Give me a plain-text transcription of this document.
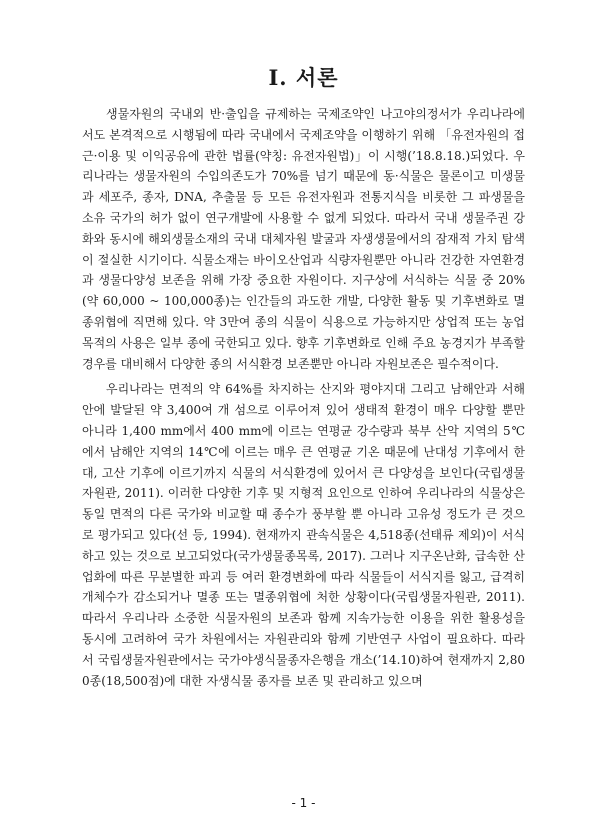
I. 서론

생물자원의 국내외 반·출입을 규제하는 국제조약인 나고야의정서가 우리나라에서도 본격적으로 시행됨에 따라 국내에서 국제조약을 이행하기 위해 「유전자원의 접근·이용 및 이익공유에 관한 법률(약칭: 유전자원법)」이 시행(’18.8.18.)되었다. 우리나라는 생물자원의 수입의존도가 70%를 넘기 때문에 동·식물은 물론이고 미생물과 세포주, 종자, DNA, 추출물 등 모든 유전자원과 전통지식을 비롯한 그 파생물을 소유 국가의 허가 없이 연구개발에 사용할 수 없게 되었다. 따라서 국내 생물주권 강화와 동시에 해외생물소재의 국내 대체자원 발굴과 자생생물에서의 잠재적 가치 탐색이 절실한 시기이다. 식물소재는 바이오산업과 식량자원뿐만 아니라 건강한 자연환경과 생물다양성 보존을 위해 가장 중요한 자원이다. 지구상에 서식하는 식물 중 20%(약 60,000 ~ 100,000종)는 인간들의 과도한 개발, 다양한 활동 및 기후변화로 멸종위협에 직면해 있다. 약 3만여 종의 식물이 식용으로 가능하지만 상업적 또는 농업목적의 사용은 일부 종에 국한되고 있다. 향후 기후변화로 인해 주요 농경지가 부족할 경우를 대비해서 다양한 종의 서식환경 보존뿐만 아니라 자원보존은 필수적이다.

우리나라는 면적의 약 64%를 차지하는 산지와 평야지대 그리고 남해안과 서해안에 발달된 약 3,400여 개 섬으로 이루어져 있어 생태적 환경이 매우 다양할 뿐만 아니라 1,400 mm에서 400 mm에 이르는 연평균 강수량과 북부 산악 지역의 5℃에서 남해안 지역의 14℃에 이르는 매우 큰 연평균 기온 때문에 난대성 기후에서 한대, 고산 기후에 이르기까지 식물의 서식환경에 있어서 큰 다양성을 보인다(국립생물자원관, 2011). 이러한 다양한 기후 및 지형적 요인으로 인하여 우리나라의 식물상은 동일 면적의 다른 국가와 비교할 때 종수가 풍부할 뿐 아니라 고유성 정도가 큰 것으로 평가되고 있다(선 등, 1994). 현재까지 관속식물은 4,518종(선태류 제외)이 서식하고 있는 것으로 보고되었다(국가생물종목록, 2017). 그러나 지구온난화, 급속한 산업화에 따른 무분별한 파괴 등 여러 환경변화에 따라 식물들이 서식지를 잃고, 급격히 개체수가 감소되거나 멸종 또는 멸종위협에 처한 상황이다(국립생물자원관, 2011). 따라서 우리나라 소중한 식물자원의 보존과 함께 지속가능한 이용을 위한 활용성을 동시에 고려하여 국가 차원에서는 자원관리와 함께 기반연구 사업이 필요하다. 따라서 국립생물자원관에서는 국가야생식물종자은행을 개소(’14.10)하여 현재까지 2,800종(18,500점)에 대한 자생식물 종자를 보존 및 관리하고 있으며

- 1 -
